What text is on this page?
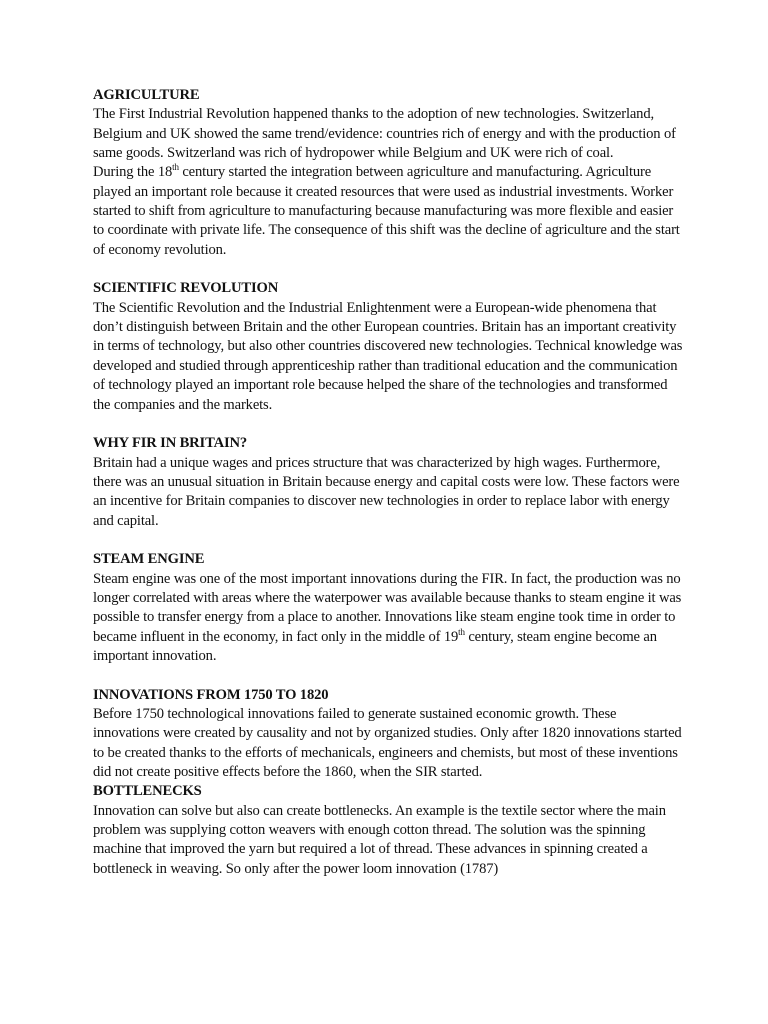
AGRICULTURE
The First Industrial Revolution happened thanks to the adoption of new technologies. Switzerland, Belgium and UK showed the same trend/evidence: countries rich of energy and with the production of same goods. Switzerland was rich of hydropower while Belgium and UK were rich of coal.
During the 18th century started the integration between agriculture and manufacturing. Agriculture played an important role because it created resources that were used as industrial investments. Worker started to shift from agriculture to manufacturing because manufacturing was more flexible and easier to coordinate with private life. The consequence of this shift was the decline of agriculture and the start of economy revolution.
SCIENTIFIC REVOLUTION
The Scientific Revolution and the Industrial Enlightenment were a European-wide phenomena that don’t distinguish between Britain and the other European countries. Britain has an important creativity in terms of technology, but also other countries discovered new technologies. Technical knowledge was developed and studied through apprenticeship rather than traditional education and the communication of technology played an important role because helped the share of the technologies and transformed the companies and the markets.
WHY FIR IN BRITAIN?
Britain had a unique wages and prices structure that was characterized by high wages. Furthermore, there was an unusual situation in Britain because energy and capital costs were low. These factors were an incentive for Britain companies to discover new technologies in order to replace labor with energy and capital.
STEAM ENGINE
Steam engine was one of the most important innovations during the FIR. In fact, the production was no longer correlated with areas where the waterpower was available because thanks to steam engine it was possible to transfer energy from a place to another. Innovations like steam engine took time in order to became influent in the economy, in fact only in the middle of 19th century, steam engine become an important innovation.
INNOVATIONS FROM 1750 TO 1820
Before 1750 technological innovations failed to generate sustained economic growth. These innovations were created by causality and not by organized studies. Only after 1820 innovations started to be created thanks to the efforts of mechanicals, engineers and chemists, but most of these inventions did not create positive effects before the 1860, when the SIR started.
BOTTLENECKS
Innovation can solve but also can create bottlenecks. An example is the textile sector where the main problem was supplying cotton weavers with enough cotton thread. The solution was the spinning machine that improved the yarn but required a lot of thread. These advances in spinning created a bottleneck in weaving. So only after the power loom innovation (1787)
